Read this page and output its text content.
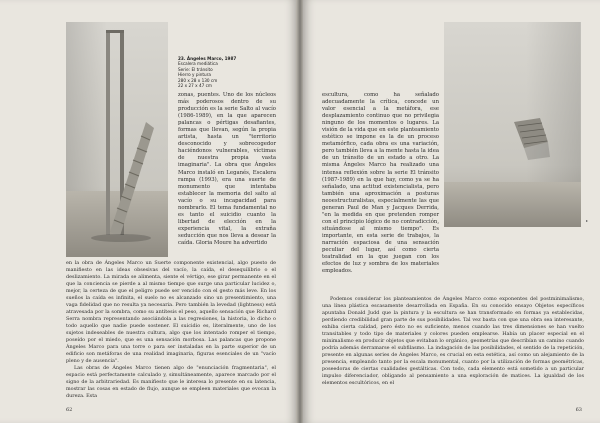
23. Ángeles Marco, 1987
Escalera mediática
Serie: El tránsito
Hierro y pintura
280 x 28 x 130 cm
22 x 27 x 47 cm

zonas, puentes. Uno de los núcleos más poderosos dentro de su producción es la serie Salto al vacío (1986-1989), en la que aparecen palancas o pértigas desafiantes, formas que llevan, según la propia artista, hasta un "territorio desconocido y sobrecogedor haciéndonos vulnerables, víctimas de nuestra propia vasta imaginaria". La obra que Ángeles Marco instaló en Leganés, Escalera rampa (1993), era una suerte de monumento que intentaba establecer la memoria del salto al vacío o su incapacidad para nombrarlo. El tema fundamental no es tanto el suicidio cuanto la libertad de elección en la experiencia vital, la extraña seducción que nos lleva a desear la caída. Gloria Moure ha advertido

en la obra de Ángeles Marco un Suerte componente existencial, algo puesto de manifiesto en las ideas obsesivas del vacío, la caída, el desequilibrio o el deslizamiento. La mirada se alimenta, siente el vértigo, ese girar permanente en el que la conciencia se pierde a al mismo tiempo que surge una particular lucidez o, mejor, la certeza de que el peligro puede ser vencido con el gesto más leve. En los sueños la caída es infinita, el suelo no es alcanzado sino un presentimiento, una vaga fidelidad que no resulta ya necesaria. Pero también la levedad (lightness) está atravesada por la sombra, como su antítesis el peso, aquello sensación que Richard Serra nombra representando asociándola a las regresiones, la historia, lo dicho o todo aquello que nadie puede sostener. El suicidio es, literalmente, uno de los sujetos indeseables de nuestra cultura, algo que los intentado romper el tiempo, poseído por el miedo, que es una sensación morbosa. Las palancas que propone Ángeles Marco para una torre o para ser instaladas en la parte superior de un edificio son metáforas de una realidad imaginaria, figuras esenciales de un "vacío pleno y de ausencia".

Las obras de Ángeles Marco tienen algo de "enunciación fragmentaria", el espacio está perfectamente calculado y, simultáneamente, aparece marcado por el signo de la arbitrariedad. Es manifiesto que le interesa lo presente en su latencia, mostrar las cosas en estado de flujo, aunque se empleen materiales que evocan la dureza. Esta

62
▸

escultura, como ha señalado adecuadamente la crítica, concede un valor esencial a la metáfora, ese desplazamiento continuo que no privilegia ninguno de los momentos o lugares. La visión de la vida que en este planteamiento estético se impone es la de un proceso metamórfico, cada obra es una variación, pero también lleva a la mente hasta la idea de un tránsito de un estado a otro. La misma Ángeles Marco ha realizado una intensa reflexión sobre la serie El tránsito (1987-1989) en la que hay, como ya se ha señalado, una actitud existencialista, pero también una aproximación a posturas neoestructuralistas, especialmente las que generan Paul de Man y Jacques Derrida, "en la medida en que pretenden romper con el principio lógico de no contradicción, situándose al mismo tiempo". Es importante, en esta serie de trabajos, la narración espaciosa de una sensación peculiar del lugar, así como cierta teatralidad en la que juegan con los efectos de luz y sombra de los materiales empleados.

Podemos considerar los planteamientos de Ángeles Marco como exponentes del postminimalismo, una línea plástica escasamente desarrollada en España. En su conocido ensayo Objetos específicos apuntaba Donald Judd que la pintura y la escultura se han transformado en formas ya establecidas, perdiendo credibilidad gran parte de sus posibilidades. Tal vez basta con que una obra sea interesante, exhiba cierta calidad, pero ésto no es suficiente, menos cuando las tres dimensiones se han vuelto transitables y todo tipo de materiales y colores pueden emplearse. Había un placer especial en el minimalismo en producir objetos que evitaban lo orgánico, geometrías que describían un camino cuando podría además derramarse el subfilasmo. La indagación de las posibilidades, el sentido de la repetición, presente en algunas series de Ángeles Marco, es crucial en esta estética, así como un alejamiento de la presencia, empleando tanto por la escala monumental, cuanto por la utilización de formas geométricas, poseedoras de ciertas cualidades gestálticas. Con todo, cada elemento está sometido a un particular impulso diferenciador, obligando al pensamiento a una exploración de matices. La igualdad de los elementos escultóricos, en el

63
